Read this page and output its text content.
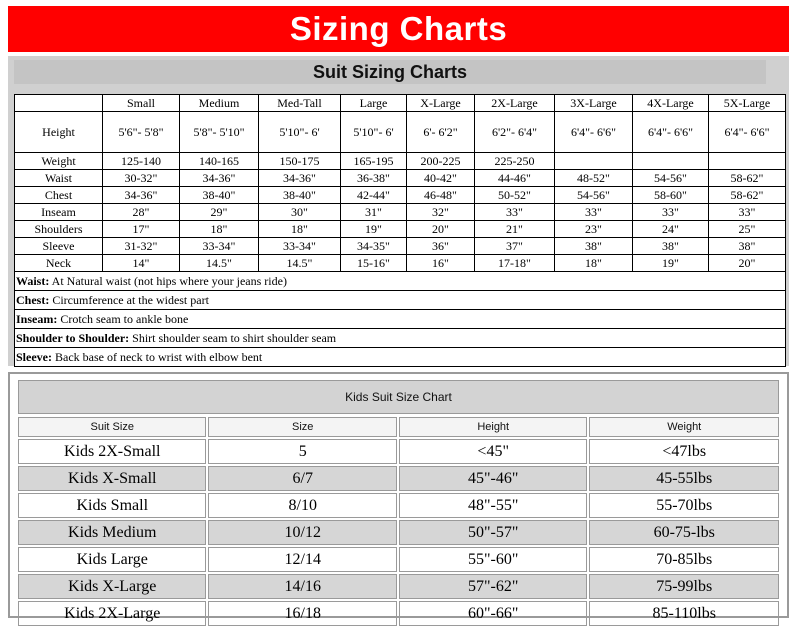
Sizing Charts
Suit Sizing Charts
	Small	Medium	Med-Tall	Large	X-Large	2X-Large	3X-Large	4X-Large	5X-Large
Height	5'6"- 5'8"	5'8"- 5'10"	5'10"- 6'	5'10"- 6'	6'- 6'2"	6'2"- 6'4"	6'4"- 6'6"	6'4"- 6'6"	6'4"- 6'6"
Weight	125-140	140-165	150-175	165-195	200-225	225-250			
Waist	30-32"	34-36"	34-36"	36-38"	40-42"	44-46"	48-52"	54-56"	58-62"
Chest	34-36"	38-40"	38-40"	42-44"	46-48"	50-52"	54-56"	58-60"	58-62"
Inseam	28"	29"	30"	31"	32"	33"	33"	33"	33"
Shoulders	17"	18"	18"	19"	20"	21"	23"	24"	25"
Sleeve	31-32"	33-34"	33-34"	34-35"	36"	37"	38"	38"	38"
Neck	14"	14.5"	14.5"	15-16"	16"	17-18"	18"	19"	20"
Waist: At Natural waist (not hips where your jeans ride)									
Chest: Circumference at the widest part									
Inseam: Crotch seam to ankle bone									
Shoulder to Shoulder: Shirt shoulder seam to shirt shoulder seam									
Sleeve: Back base of neck to wrist with elbow bent									
Kids Suit Size Chart
Suit Size	Size	Height	Weight
Kids 2X-Small	5	<45"	<47lbs
Kids X-Small	6/7	45"-46"	45-55lbs
Kids Small	8/10	48"-55"	55-70lbs
Kids Medium	10/12	50"-57"	60-75-lbs
Kids Large	12/14	55"-60"	70-85lbs
Kids X-Large	14/16	57"-62"	75-99lbs
Kids 2X-Large	16/18	60"-66"	85-110lbs
